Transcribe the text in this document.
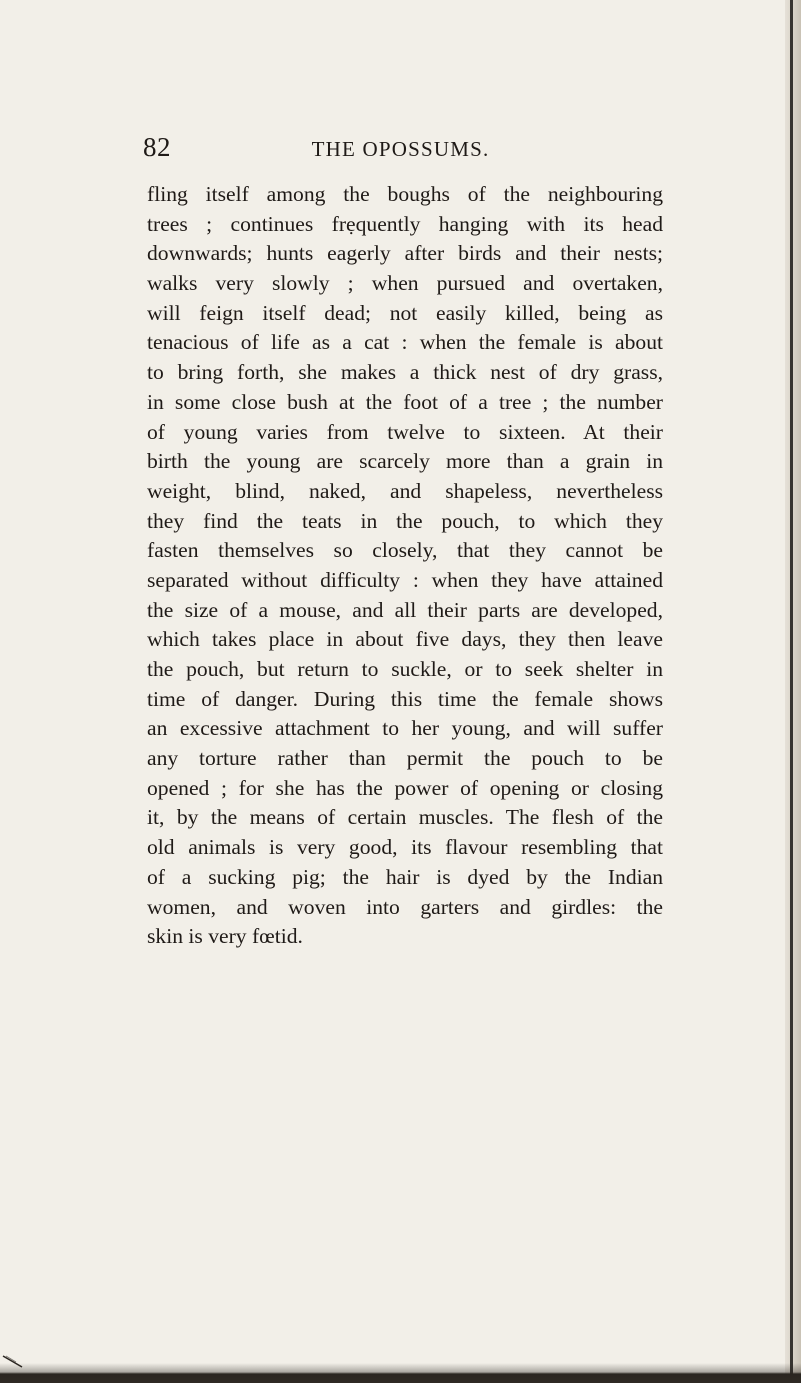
82	THE OPOSSUMS.
fling itself among the boughs of the neighbouring
trees ; continues frẹquently hanging with its head
downwards; hunts eagerly after birds and their nests;
walks very slowly ; when pursued and overtaken,
will feign itself dead; not easily killed, being as
tenacious of life as a cat : when the female is about
to bring forth, she makes a thick nest of dry grass,
in some close bush at the foot of a tree ; the number
of young varies from twelve to sixteen. At their
birth the young are scarcely more than a grain in
weight, blind, naked, and shapeless, nevertheless
they find the teats in the pouch, to which they
fasten themselves so closely, that they cannot be
separated without difficulty : when they have attained
the size of a mouse, and all their parts are developed,
which takes place in about five days, they then leave
the pouch, but return to suckle, or to seek shelter in
time of danger. During this time the female shows
an excessive attachment to her young, and will suffer
any torture rather than permit the pouch to be
opened ; for she has the power of opening or closing
it, by the means of certain muscles. The flesh of the
old animals is very good, its flavour resembling that
of a sucking pig; the hair is dyed by the Indian
women, and woven into garters and girdles: the
skin is very fœtid.
